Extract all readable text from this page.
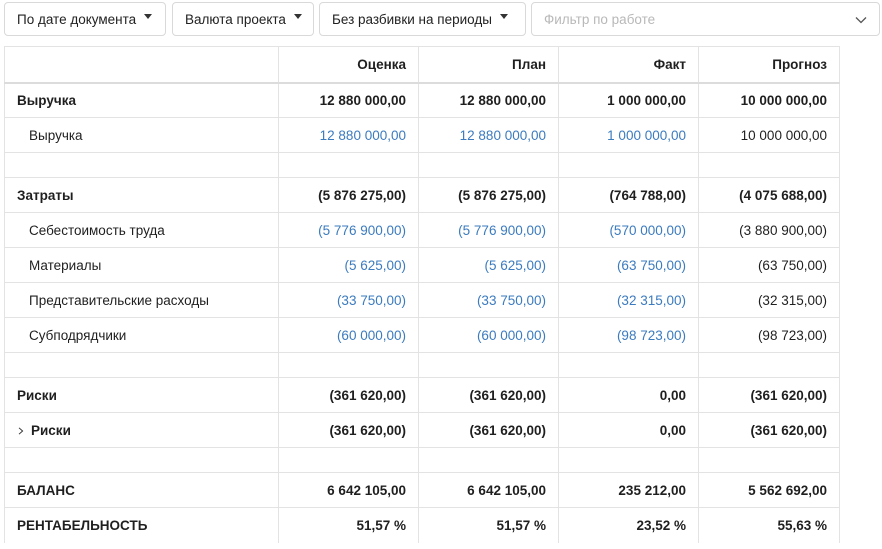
По дате документа	Валюта проекта	Без разбивки на периоды
Фильтр по работе
	Оценка	План	Факт	Прогноз
Выручка	12 880 000,00	12 880 000,00	1 000 000,00	10 000 000,00
Выручка	12 880 000,00	12 880 000,00	1 000 000,00	10 000 000,00

Затраты	(5 876 275,00)	(5 876 275,00)	(764 788,00)	(4 075 688,00)
Себестоимость труда	(5 776 900,00)	(5 776 900,00)	(570 000,00)	(3 880 900,00)
Материалы	(5 625,00)	(5 625,00)	(63 750,00)	(63 750,00)
Представительские расходы	(33 750,00)	(33 750,00)	(32 315,00)	(32 315,00)
Субподрядчики	(60 000,00)	(60 000,00)	(98 723,00)	(98 723,00)

Риски	(361 620,00)	(361 620,00)	0,00	(361 620,00)
Риски	(361 620,00)	(361 620,00)	0,00	(361 620,00)

БАЛАНС	6 642 105,00	6 642 105,00	235 212,00	5 562 692,00
РЕНТАБЕЛЬНОСТЬ	51,57 %	51,57 %	23,52 %	55,63 %
